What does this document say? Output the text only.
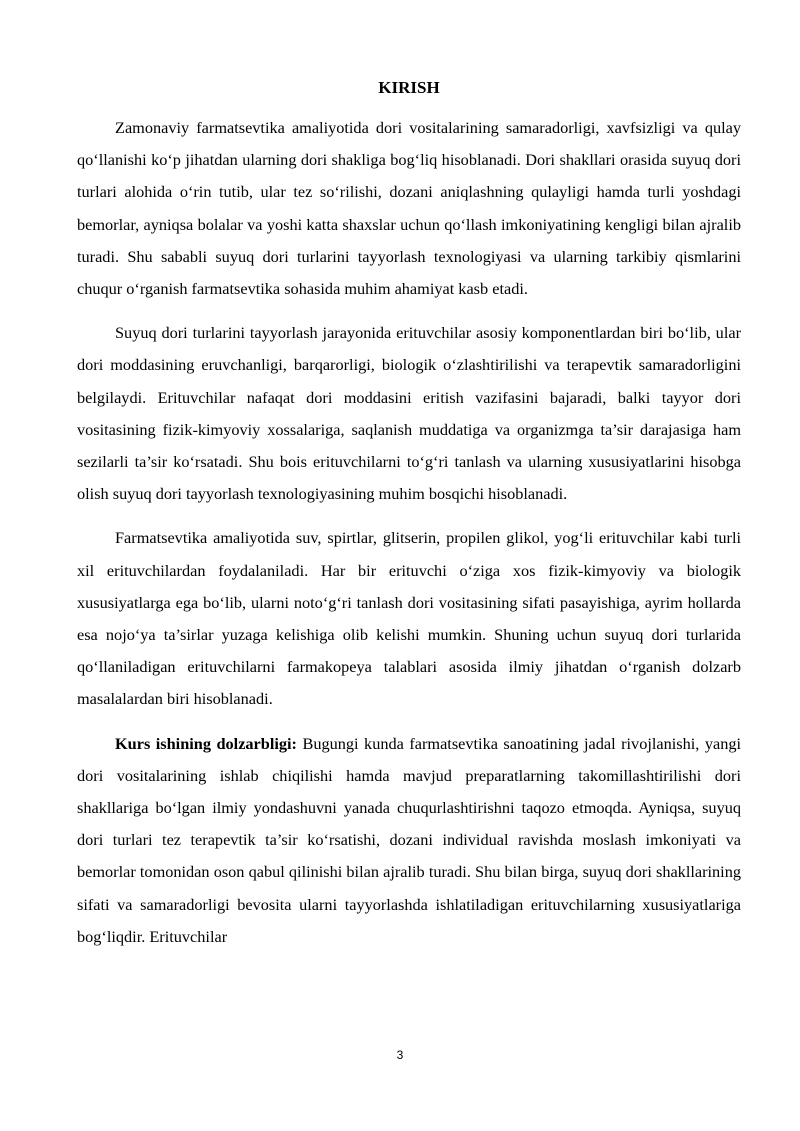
KIRISH

Zamonaviy farmatsevtika amaliyotida dori vositalarining samaradorligi, xavfsizligi va qulay qo‘llanishi ko‘p jihatdan ularning dori shakliga bog‘liq hisoblanadi. Dori shakllari orasida suyuq dori turlari alohida o‘rin tutib, ular tez so‘rilishi, dozani aniqlashning qulayligi hamda turli yoshdagi bemorlar, ayniqsa bolalar va yoshi katta shaxslar uchun qo‘llash imkoniyatining kengligi bilan ajralib turadi. Shu sababli suyuq dori turlarini tayyorlash texnologiyasi va ularning tarkibiy qismlarini chuqur o‘rganish farmatsevtika sohasida muhim ahamiyat kasb etadi.

Suyuq dori turlarini tayyorlash jarayonida erituvchilar asosiy komponentlardan biri bo‘lib, ular dori moddasining eruvchanligi, barqarorligi, biologik o‘zlashtirilishi va terapevtik samaradorligini belgilaydi. Erituvchilar nafaqat dori moddasini eritish vazifasini bajaradi, balki tayyor dori vositasining fizik-kimyoviy xossalariga, saqlanish muddatiga va organizmga ta’sir darajasiga ham sezilarli ta’sir ko‘rsatadi. Shu bois erituvchilarni to‘g‘ri tanlash va ularning xususiyatlarini hisobga olish suyuq dori tayyorlash texnologiyasining muhim bosqichi hisoblanadi.

Farmatsevtika amaliyotida suv, spirtlar, glitserin, propilen glikol, yog‘li erituvchilar kabi turli xil erituvchilardan foydalaniladi. Har bir erituvchi o‘ziga xos fizik-kimyoviy va biologik xususiyatlarga ega bo‘lib, ularni noto‘g‘ri tanlash dori vositasining sifati pasayishiga, ayrim hollarda esa nojo‘ya ta’sirlar yuzaga kelishiga olib kelishi mumkin. Shuning uchun suyuq dori turlarida qo‘llaniladigan erituvchilarni farmakopeya talablari asosida ilmiy jihatdan o‘rganish dolzarb masalalardan biri hisoblanadi.

Kurs ishining dolzarbligi: Bugungi kunda farmatsevtika sanoatining jadal rivojlanishi, yangi dori vositalarining ishlab chiqilishi hamda mavjud preparatlarning takomillashtirilishi dori shakllariga bo‘lgan ilmiy yondashuvni yanada chuqurlashtirishni taqozo etmoqda. Ayniqsa, suyuq dori turlari tez terapevtik ta’sir ko‘rsatishi, dozani individual ravishda moslash imkoniyati va bemorlar tomonidan oson qabul qilinishi bilan ajralib turadi. Shu bilan birga, suyuq dori shakllarining sifati va samaradorligi bevosita ularni tayyorlashda ishlatiladigan erituvchilarning xususiyatlariga bog‘liqdir. Erituvchilar

3
